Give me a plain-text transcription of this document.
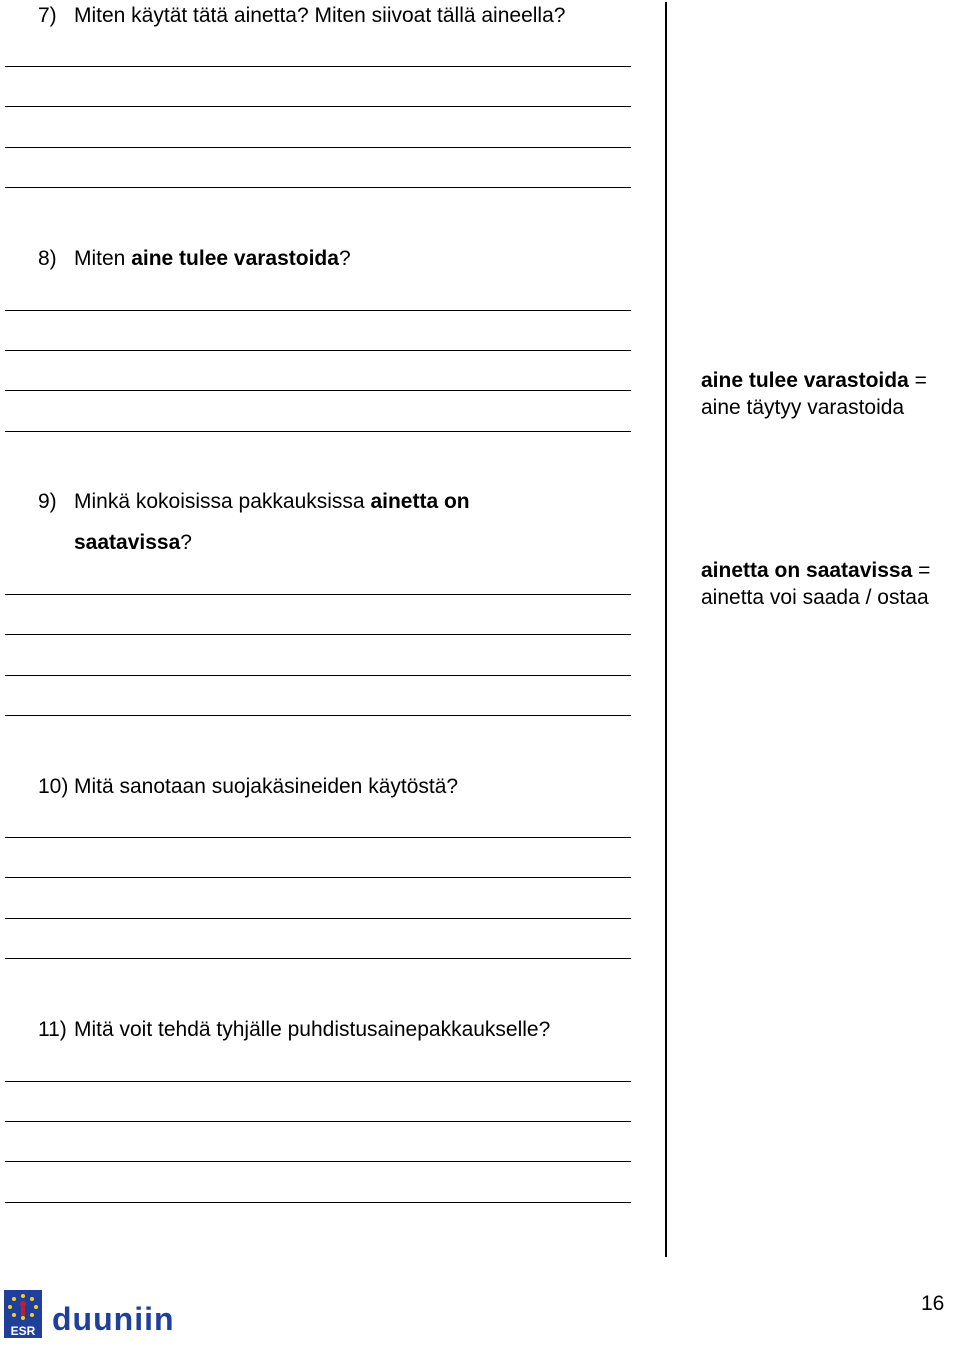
7) Miten käytät tätä ainetta? Miten siivoat tällä aineella?
8) Miten aine tulee varastoida?
aine tulee varastoida =
aine täytyy varastoida
9) Minkä kokoisissa pakkauksissa ainetta on
saatavissa?
ainetta on saatavissa =
ainetta voi saada / ostaa
10) Mitä sanotaan suojakäsineiden käytöstä?
11) Mitä voit tehdä tyhjälle puhdistusainepakkaukselle?
ESR duuniin	16
